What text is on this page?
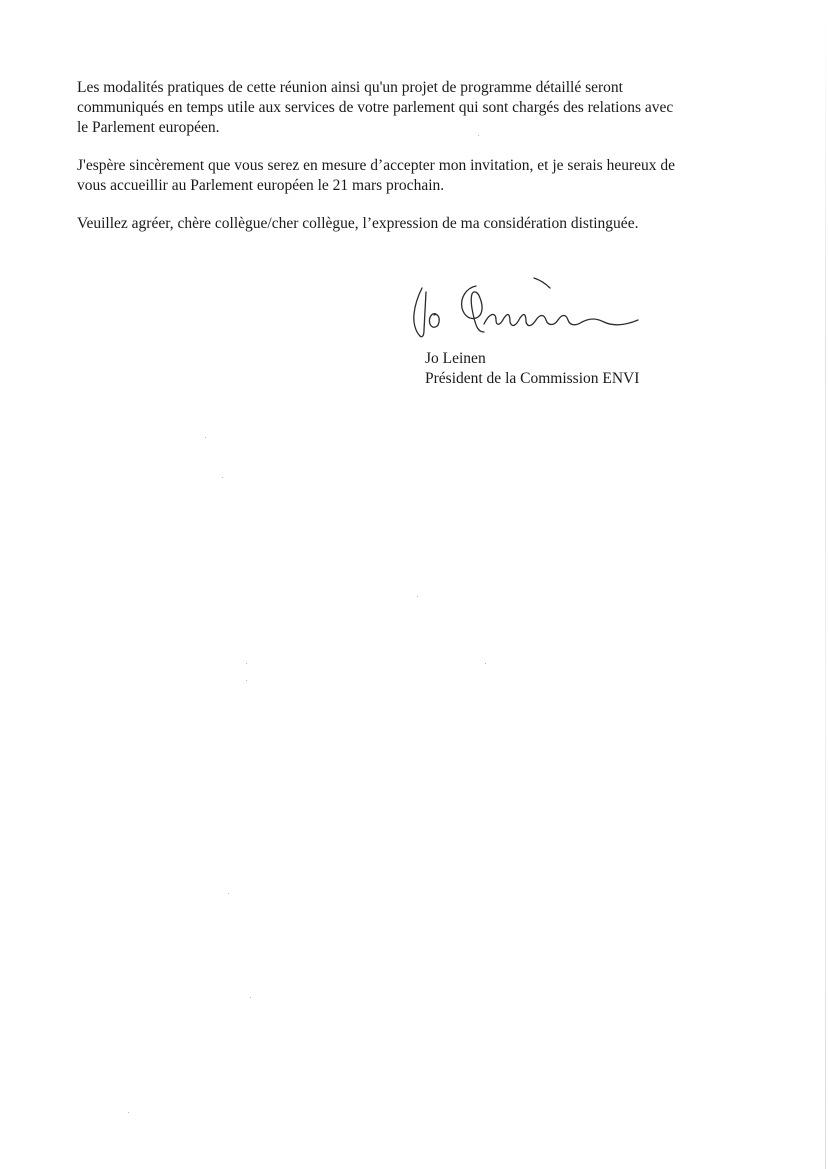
Les modalités pratiques de cette réunion ainsi qu'un projet de programme détaillé seront
communiqués en temps utile aux services de votre parlement qui sont chargés des relations avec
le Parlement européen.

J'espère sincèrement que vous serez en mesure d’accepter mon invitation, et je serais heureux de
vous accueillir au Parlement européen le 21 mars prochain.

Veuillez agréer, chère collègue/cher collègue, l’expression de ma considération distinguée.

Jo Leinen
Président de la Commission ENVI
